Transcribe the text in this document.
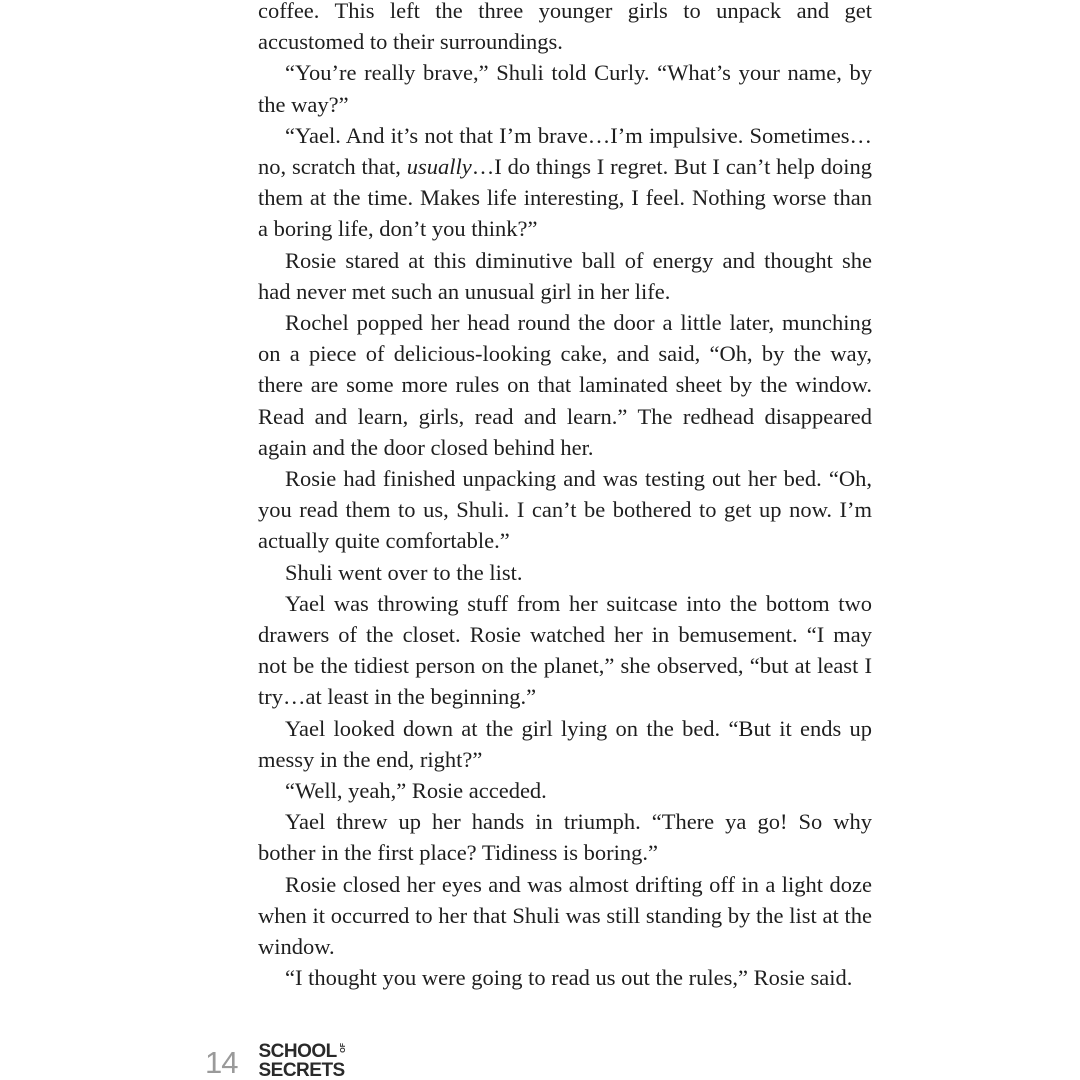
coffee. This left the three younger girls to unpack and get accustomed to their surroundings.

“You’re really brave,” Shuli told Curly. “What’s your name, by the way?”

“Yael. And it’s not that I’m brave…I’m impulsive. Sometimes… no, scratch that, usually…I do things I regret. But I can’t help doing them at the time. Makes life interesting, I feel. Nothing worse than a boring life, don’t you think?”

Rosie stared at this diminutive ball of energy and thought she had never met such an unusual girl in her life.

Rochel popped her head round the door a little later, munching on a piece of delicious-looking cake, and said, “Oh, by the way, there are some more rules on that laminated sheet by the window. Read and learn, girls, read and learn.” The redhead disappeared again and the door closed behind her.

Rosie had finished unpacking and was testing out her bed. “Oh, you read them to us, Shuli. I can’t be bothered to get up now. I’m actually quite comfortable.”

Shuli went over to the list.

Yael was throwing stuff from her suitcase into the bottom two drawers of the closet. Rosie watched her in bemusement. “I may not be the tidiest person on the planet,” she observed, “but at least I try…at least in the beginning.”

Yael looked down at the girl lying on the bed. “But it ends up messy in the end, right?”

“Well, yeah,” Rosie acceded.

Yael threw up her hands in triumph. “There ya go! So why bother in the first place? Tidiness is boring.”

Rosie closed her eyes and was almost drifting off in a light doze when it occurred to her that Shuli was still standing by the list at the window.

“I thought you were going to read us out the rules,” Rosie said.

14 SCHOOL OF
SECRETS
